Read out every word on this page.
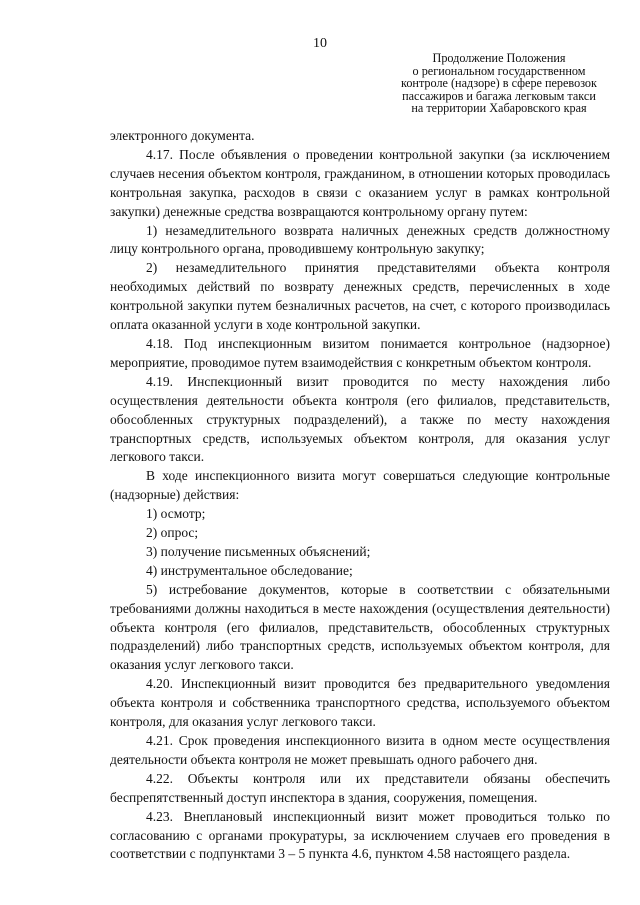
10
Продолжение Положения
о региональном государственном
контроле (надзоре) в сфере перевозок
пассажиров и багажа легковым такси
на территории Хабаровского края

электронного документа.

4.17. После объявления о проведении контрольной закупки (за исключением случаев несения объектом контроля, гражданином, в отношении которых проводилась контрольная закупка, расходов в связи с оказанием услуг в рамках контрольной закупки) денежные средства возвращаются контрольному органу путем:

1) незамедлительного возврата наличных денежных средств должностному лицу контрольного органа, проводившему контрольную закупку;

2) незамедлительного принятия представителями объекта контроля необходимых действий по возврату денежных средств, перечисленных в ходе контрольной закупки путем безналичных расчетов, на счет, с которого производилась оплата оказанной услуги в ходе контрольной закупки.

4.18. Под инспекционным визитом понимается контрольное (надзорное) мероприятие, проводимое путем взаимодействия с конкретным объектом контроля.

4.19. Инспекционный визит проводится по месту нахождения либо осуществления деятельности объекта контроля (его филиалов, представительств, обособленных структурных подразделений), а также по месту нахождения транспортных средств, используемых объектом контроля, для оказания услуг легкового такси.

В ходе инспекционного визита могут совершаться следующие контрольные (надзорные) действия:

1) осмотр;

2) опрос;

3) получение письменных объяснений;

4) инструментальное обследование;

5) истребование документов, которые в соответствии с обязательными требованиями должны находиться в месте нахождения (осуществления деятельности) объекта контроля (его филиалов, представительств, обособленных структурных подразделений) либо транспортных средств, используемых объектом контроля, для оказания услуг легкового такси.

4.20. Инспекционный визит проводится без предварительного уведомления объекта контроля и собственника транспортного средства, используемого объектом контроля, для оказания услуг легкового такси.

4.21. Срок проведения инспекционного визита в одном месте осуществления деятельности объекта контроля не может превышать одного рабочего дня.

4.22. Объекты контроля или их представители обязаны обеспечить беспрепятственный доступ инспектора в здания, сооружения, помещения.

4.23. Внеплановый инспекционный визит может проводиться только по согласованию с органами прокуратуры, за исключением случаев его проведения в соответствии с подпунктами 3 – 5 пункта 4.6, пунктом 4.58 настоящего раздела.
